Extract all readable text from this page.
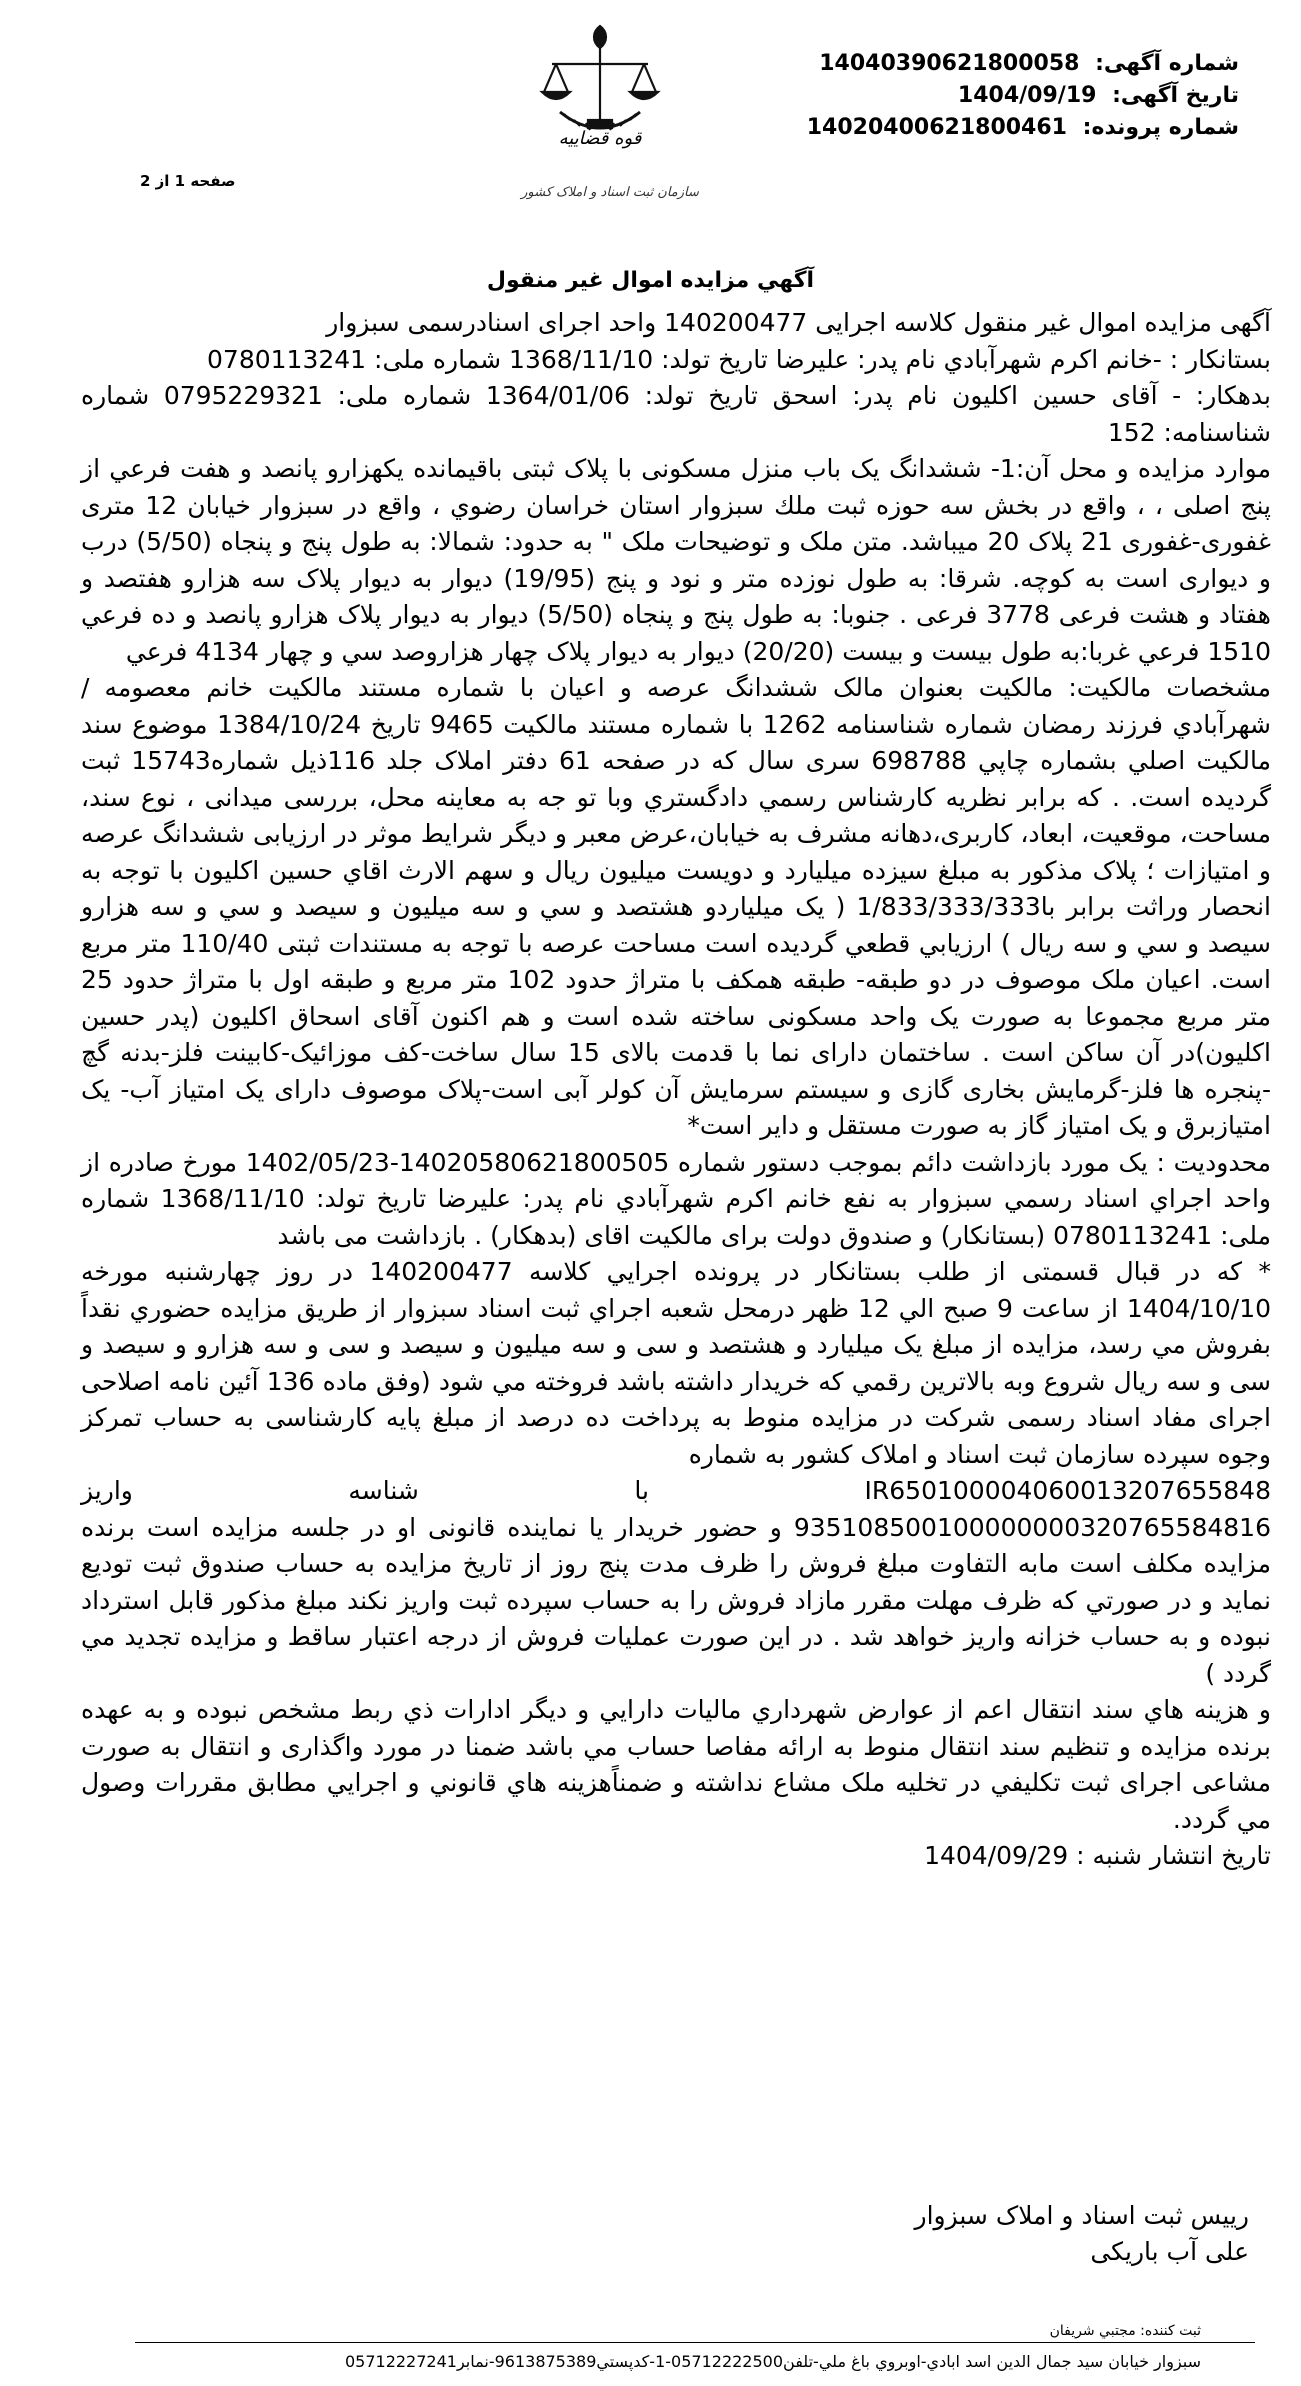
قوه قضاییه
سازمان ثبت اسناد و املاک کشور
شماره آگهی: 14040390621800058
تاریخ آگهی: 1404/09/19
شماره پرونده: 14020400621800461
صفحه 1 از 2
آگهي مزايده اموال غير منقول

آگهی مزايده اموال غير منقول كلاسه اجرایی 140200477 واحد اجرای اسنادرسمی سبزوار

بستانكار : -خانم اكرم شهرآبادي نام پدر: عليرضا تاريخ تولد: 1368/11/10 شماره ملی: 0780113241

بدهكار: - آقای حسين اكليون نام پدر: اسحق تاريخ تولد: 1364/01/06 شماره ملی: 0795229321 شماره شناسنامه: 152

موارد مزايده و محل آن:1- ششدانگ يک باب منزل مسكونی با پلاک ثبتی باقيمانده يكهزارو پانصد و هفت فرعي از پنج اصلی ، ، واقع در بخش سه حوزه ثبت ملك سبزوار استان خراسان رضوي ، واقع در سبزوار خيابان 12 متری غفوری-غفوری 21 پلاک 20 ميباشد. متن ملک و توضيحات ملک " به حدود: شمالا: به طول پنج و پنجاه (5/50) درب و ديواری است به كوچه. شرقا: به طول نوزده متر و نود و پنج (19/95) ديوار به ديوار پلاک سه هزارو هفتصد و هفتاد و هشت فرعی 3778 فرعی . جنوبا: به طول پنج و پنجاه (5/50) ديوار به ديوار پلاک هزارو پانصد و ده فرعي 1510 فرعي غربا:به طول بيست و بيست (20/20) ديوار به ديوار پلاک چهار هزاروصد سي و چهار 4134 فرعي

مشخصات مالكيت: مالكيت بعنوان مالک ششدانگ عرصه و اعيان با شماره مستند مالكيت خانم معصومه / شهرآبادي فرزند رمضان شماره شناسنامه 1262 با شماره مستند مالكيت 9465 تاريخ 1384/10/24 موضوع سند مالكيت اصلي بشماره چاپي 698788 سری سال كه در صفحه 61 دفتر املاک جلد 116ذيل شماره15743 ثبت گرديده است. . كه برابر نظريه كارشناس رسمي دادگستري وبا تو جه به معاينه محل، بررسی ميدانی ، نوع سند، مساحت، موقعيت، ابعاد، كاربری،دهانه مشرف به خيابان،عرض معبر و ديگر شرايط موثر در ارزيابی ششدانگ عرصه و امتيازات ؛ پلاک مذكور به مبلغ سيزده ميليارد و دويست ميليون ريال و سهم الارث اقاي حسين اكليون با توجه به انحصار وراثت برابر با1/833/333/333 ( يک ميلياردو هشتصد و سي و سه ميليون و سيصد و سي و سه هزارو سيصد و سي و سه ريال ) ارزيابي قطعي گرديده است مساحت عرصه با توجه به مستندات ثبتی 110/40 متر مربع است. اعيان ملک موصوف در دو طبقه- طبقه همكف با متراژ حدود 102 متر مربع و طبقه اول با متراژ حدود 25 متر مربع مجموعا به صورت يک واحد مسكونی ساخته شده است و هم اكنون آقای اسحاق اكليون (پدر حسين اكليون)در آن ساكن است . ساختمان دارای نما با قدمت بالای 15 سال ساخت-كف موزائيک-كابينت فلز-بدنه گچ -پنجره ها فلز-گرمايش بخاری گازی و سيستم سرمايش آن كولر آبی است-پلاک موصوف دارای يک امتياز آب- يک امتيازبرق و يک امتياز گاز به صورت مستقل و داير است*

محدوديت : يک مورد بازداشت دائم بموجب دستور شماره 14020580621800505-1402/05/23 مورخ صادره از واحد اجراي اسناد رسمي سبزوار به نفع خانم اكرم شهرآبادي نام پدر: عليرضا تاريخ تولد: 1368/11/10 شماره ملی: 0780113241 (بستانكار) و صندوق دولت برای مالكيت اقای (بدهكار) . بازداشت می باشد

* كه در قبال قسمتی از طلب بستانكار در پرونده اجرايي كلاسه 140200477 در روز چهارشنبه مورخه 1404/10/10 از ساعت 9 صبح الي 12 ظهر درمحل شعبه اجراي ثبت اسناد سبزوار از طريق مزايده حضوري نقداً بفروش مي رسد، مزايده از مبلغ يک ميليارد و هشتصد و سی و سه ميليون و سيصد و سی و سه هزارو و سيصد و سی و سه ريال شروع وبه بالاترين رقمي كه خريدار داشته باشد فروخته مي شود (وفق ماده 136 آئين نامه اصلاحی اجرای مفاد اسناد رسمی شركت در مزايده منوط به پرداخت ده درصد از مبلغ پايه كارشناسی به حساب تمركز وجوه سپرده سازمان ثبت اسناد و املاک كشور به شماره

IR650100004060013207655848 با شناسه واريز

935108500100000000320765584816 و حضور خريدار يا نماينده قانونی او در جلسه مزايده است برنده مزايده مكلف است مابه التفاوت مبلغ فروش را ظرف مدت پنج روز از تاريخ مزايده به حساب صندوق ثبت توديع نمايد و در صورتي كه ظرف مهلت مقرر مازاد فروش را به حساب سپرده ثبت واريز نكند مبلغ مذكور قابل استرداد نبوده و به حساب خزانه واريز خواهد شد . در اين صورت عمليات فروش از درجه اعتبار ساقط و مزايده تجديد مي گردد )

و هزينه هاي سند انتقال اعم از عوارض شهرداري ماليات دارايي و ديگر ادارات ذي ربط مشخص نبوده و به عهده برنده مزايده و تنظيم سند انتقال منوط به ارائه مفاصا حساب مي باشد ضمنا در مورد واگذاری و انتقال به صورت مشاعی اجرای ثبت تكليفي در تخليه ملک مشاع نداشته و ضمناًهزينه هاي قانوني و اجرايي مطابق مقررات وصول مي گردد.

تاريخ انتشار شنبه : 1404/09/29

رييس ثبت اسناد و املاک سبزوار
علی آب باريكی
ثبت كننده: مجتبي شريفان
سبزوار خيابان سيد جمال الدين اسد ابادي-اوبروي باغ ملي-تلفن05712222500-1-كدپستي9613875389-نمابر05712227241
